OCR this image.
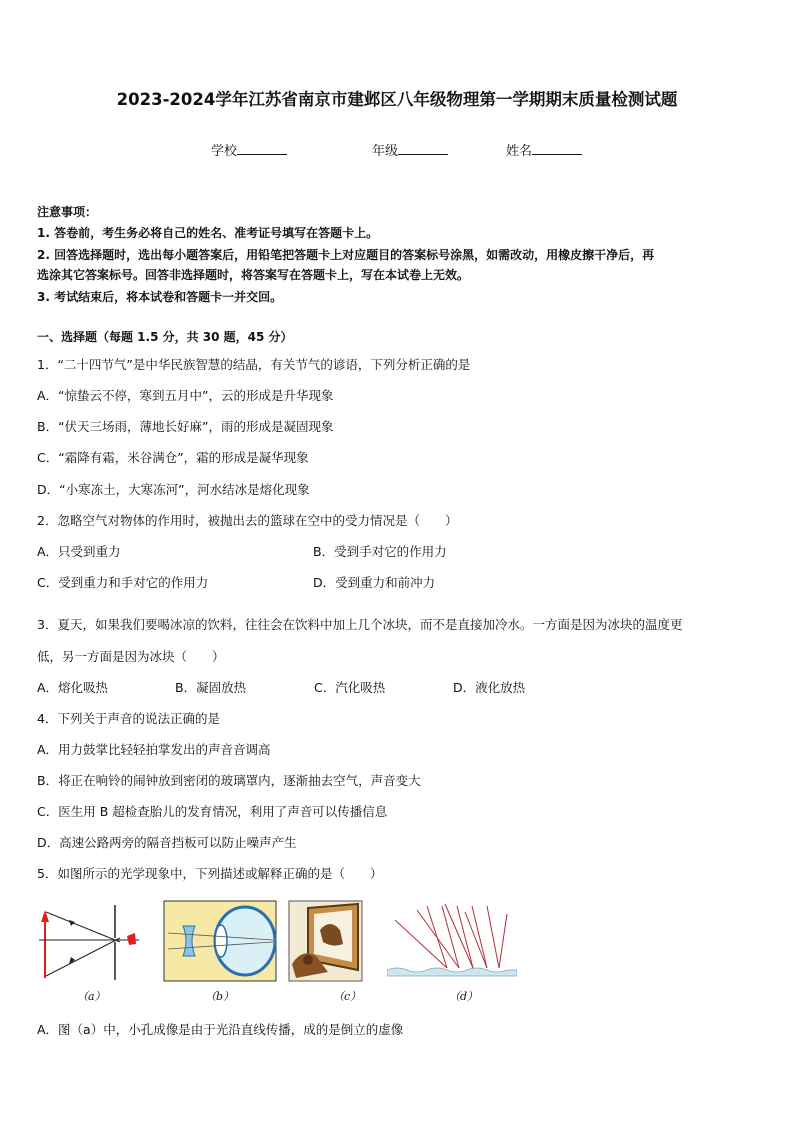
2023-2024学年江苏省南京市建邺区八年级物理第一学期期末质量检测试题
学校	年级	姓名
注意事项：
1. 答卷前，考生务必将自己的姓名、准考证号填写在答题卡上。
2. 回答选择题时，选出每小题答案后，用铅笔把答题卡上对应题目的答案标号涂黑，如需改动，用橡皮擦干净后，再
选涂其它答案标号。回答非选择题时，将答案写在答题卡上，写在本试卷上无效。
3. 考试结束后，将本试卷和答题卡一并交回。
一、选择题（每题 1.5 分，共 30 题，45 分）
1．“二十四节气”是中华民族智慧的结晶，有关节气的谚语，下列分析正确的是
A．“惊蛰云不停，寒到五月中”，云的形成是升华现象
B．“伏天三场雨，薄地长好麻”，雨的形成是凝固现象
C．“霜降有霜，米谷满仓”，霜的形成是凝华现象
D．“小寒冻土，大寒冻河”，河水结冰是熔化现象
2．忽略空气对物体的作用时，被抛出去的篮球在空中的受力情况是（　　）
A．只受到重力	B．受到手对它的作用力
C．受到重力和手对它的作用力	D．受到重力和前冲力
3．夏天，如果我们要喝冰凉的饮料，往往会在饮料中加上几个冰块，而不是直接加冷水。一方面是因为冰块的温度更
低，另一方面是因为冰块（　　）
A．熔化吸热	B．凝固放热	C．汽化吸热	D．液化放热
4．下列关于声音的说法正确的是
A．用力鼓掌比轻轻拍掌发出的声音音调高
B．将正在响铃的闹钟放到密闭的玻璃罩内，逐渐抽去空气，声音变大
C．医生用 B 超检查胎儿的发育情况，利用了声音可以传播信息
D．高速公路两旁的隔音挡板可以防止噪声产生
5．如图所示的光学现象中，下列描述或解释正确的是（　　）
（a）	（b）	（c）	（d）
A．图（a）中，小孔成像是由于光沿直线传播，成的是倒立的虚像
